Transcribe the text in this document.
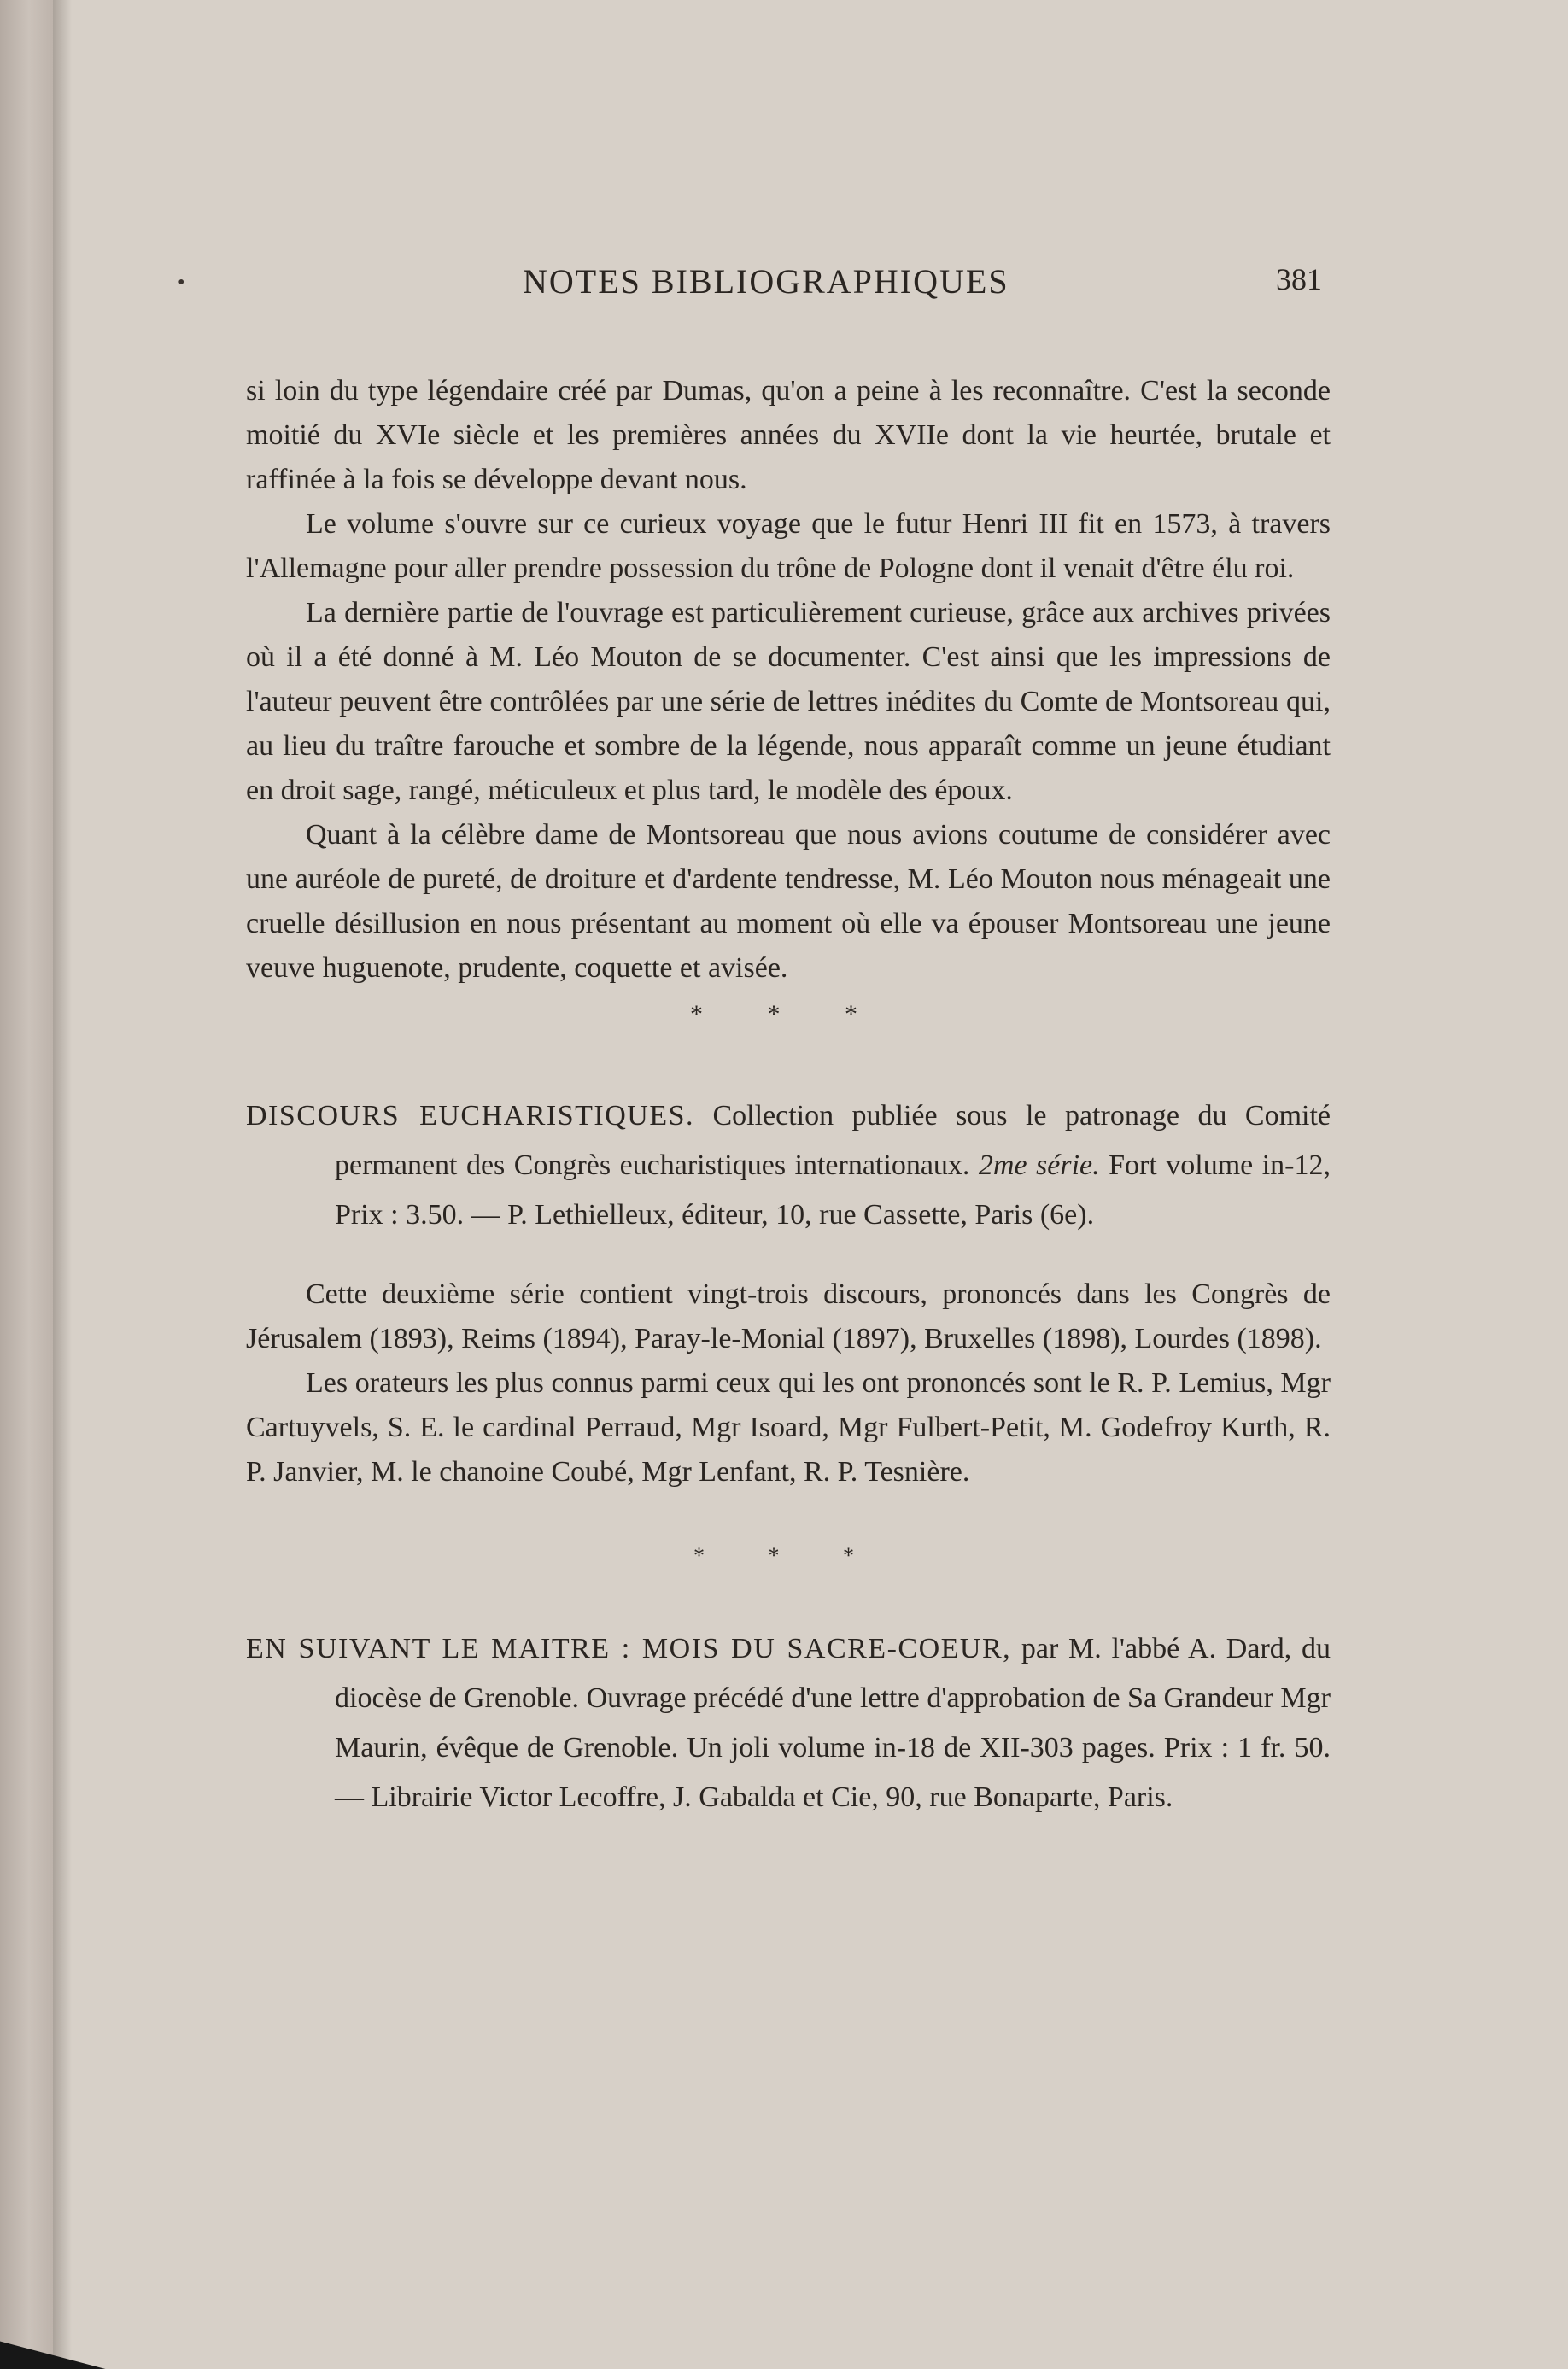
•	NOTES BIBLIOGRAPHIQUES	381

si loin du type légendaire créé par Dumas, qu'on a peine à les reconnaître. C'est la seconde moitié du XVIe siècle et les premières années du XVIIe dont la vie heurtée, brutale et raffinée à la fois se développe devant nous.

Le volume s'ouvre sur ce curieux voyage que le futur Henri III fit en 1573, à travers l'Allemagne pour aller prendre possession du trône de Pologne dont il venait d'être élu roi.

La dernière partie de l'ouvrage est particulièrement curieuse, grâce aux archives privées où il a été donné à M. Léo Mouton de se documenter. C'est ainsi que les impressions de l'auteur peuvent être contrôlées par une série de lettres inédites du Comte de Montsoreau qui, au lieu du traître farouche et sombre de la légende, nous apparaît comme un jeune étudiant en droit sage, rangé, méticuleux et plus tard, le modèle des époux.

Quant à la célèbre dame de Montsoreau que nous avions coutume de considérer avec une auréole de pureté, de droiture et d'ardente tendresse, M. Léo Mouton nous ménageait une cruelle désillusion en nous présentant au moment où elle va épouser Montsoreau une jeune veuve huguenote, prudente, coquette et avisée.

* * *

DISCOURS EUCHARISTIQUES. Collection publiée sous le patronage du Comité permanent des Congrès eucharistiques internationaux. 2me série. Fort volume in-12, Prix : 3.50. — P. Lethielleux, éditeur, 10, rue Cassette, Paris (6e).

Cette deuxième série contient vingt-trois discours, prononcés dans les Congrès de Jérusalem (1893), Reims (1894), Paray-le-Monial (1897), Bruxelles (1898), Lourdes (1898).

Les orateurs les plus connus parmi ceux qui les ont prononcés sont le R. P. Lemius, Mgr Cartuyvels, S. E. le cardinal Perraud, Mgr Isoard, Mgr Fulbert-Petit, M. Godefroy Kurth, R. P. Janvier, M. le chanoine Coubé, Mgr Lenfant, R. P. Tesnière.

* * *

EN SUIVANT LE MAITRE : MOIS DU SACRE-COEUR, par M. l'abbé A. Dard, du diocèse de Grenoble. Ouvrage précédé d'une lettre d'approbation de Sa Grandeur Mgr Maurin, évêque de Grenoble. Un joli volume in-18 de XII-303 pages. Prix : 1 fr. 50. — Librairie Victor Lecoffre, J. Gabalda et Cie, 90, rue Bonaparte, Paris.
